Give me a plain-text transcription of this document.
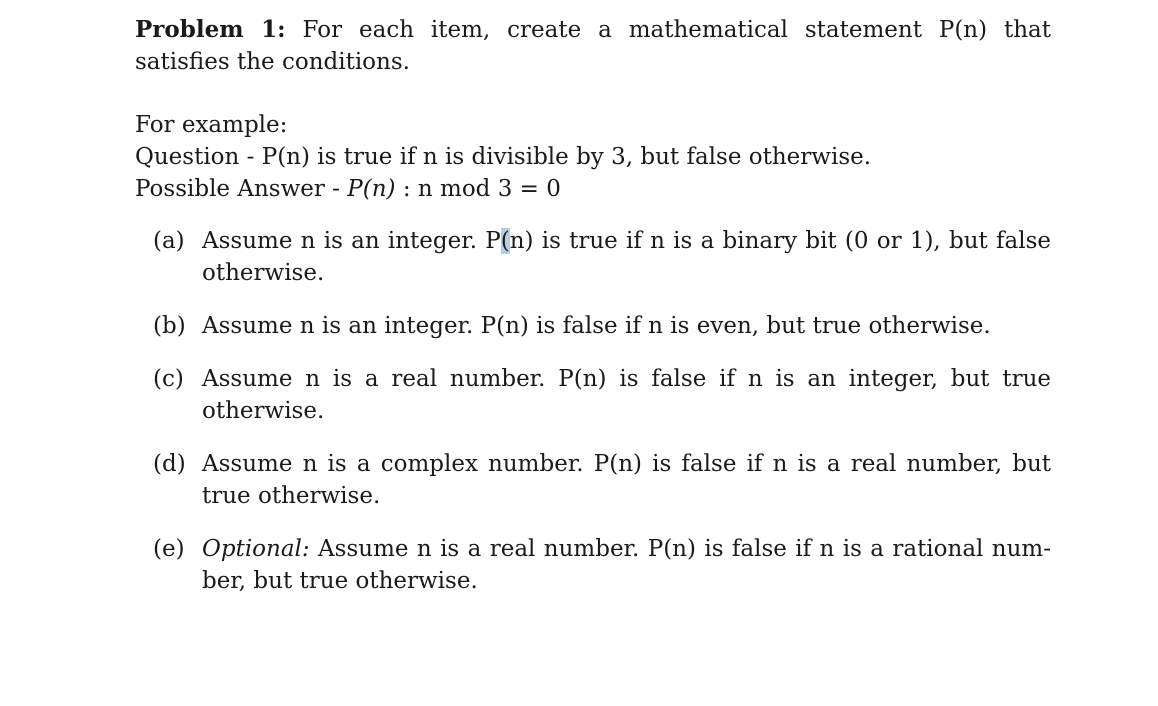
Problem 1: For each item, create a mathematical statement P(n) that satisfies the conditions.

For example:

Question - P(n) is true if n is divisible by 3, but false otherwise.

Possible Answer - P(n) : n mod 3 = 0

(a) Assume n is an integer. P(n) is true if n is a binary bit (0 or 1), but false otherwise.
(b) Assume n is an integer. P(n) is false if n is even, but true otherwise.
(c) Assume n is a real number. P(n) is false if n is an integer, but true otherwise.
(d) Assume n is a complex number. P(n) is false if n is a real number, but true otherwise.
(e) Optional: Assume n is a real number. P(n) is false if n is a rational num- ber, but true otherwise.
